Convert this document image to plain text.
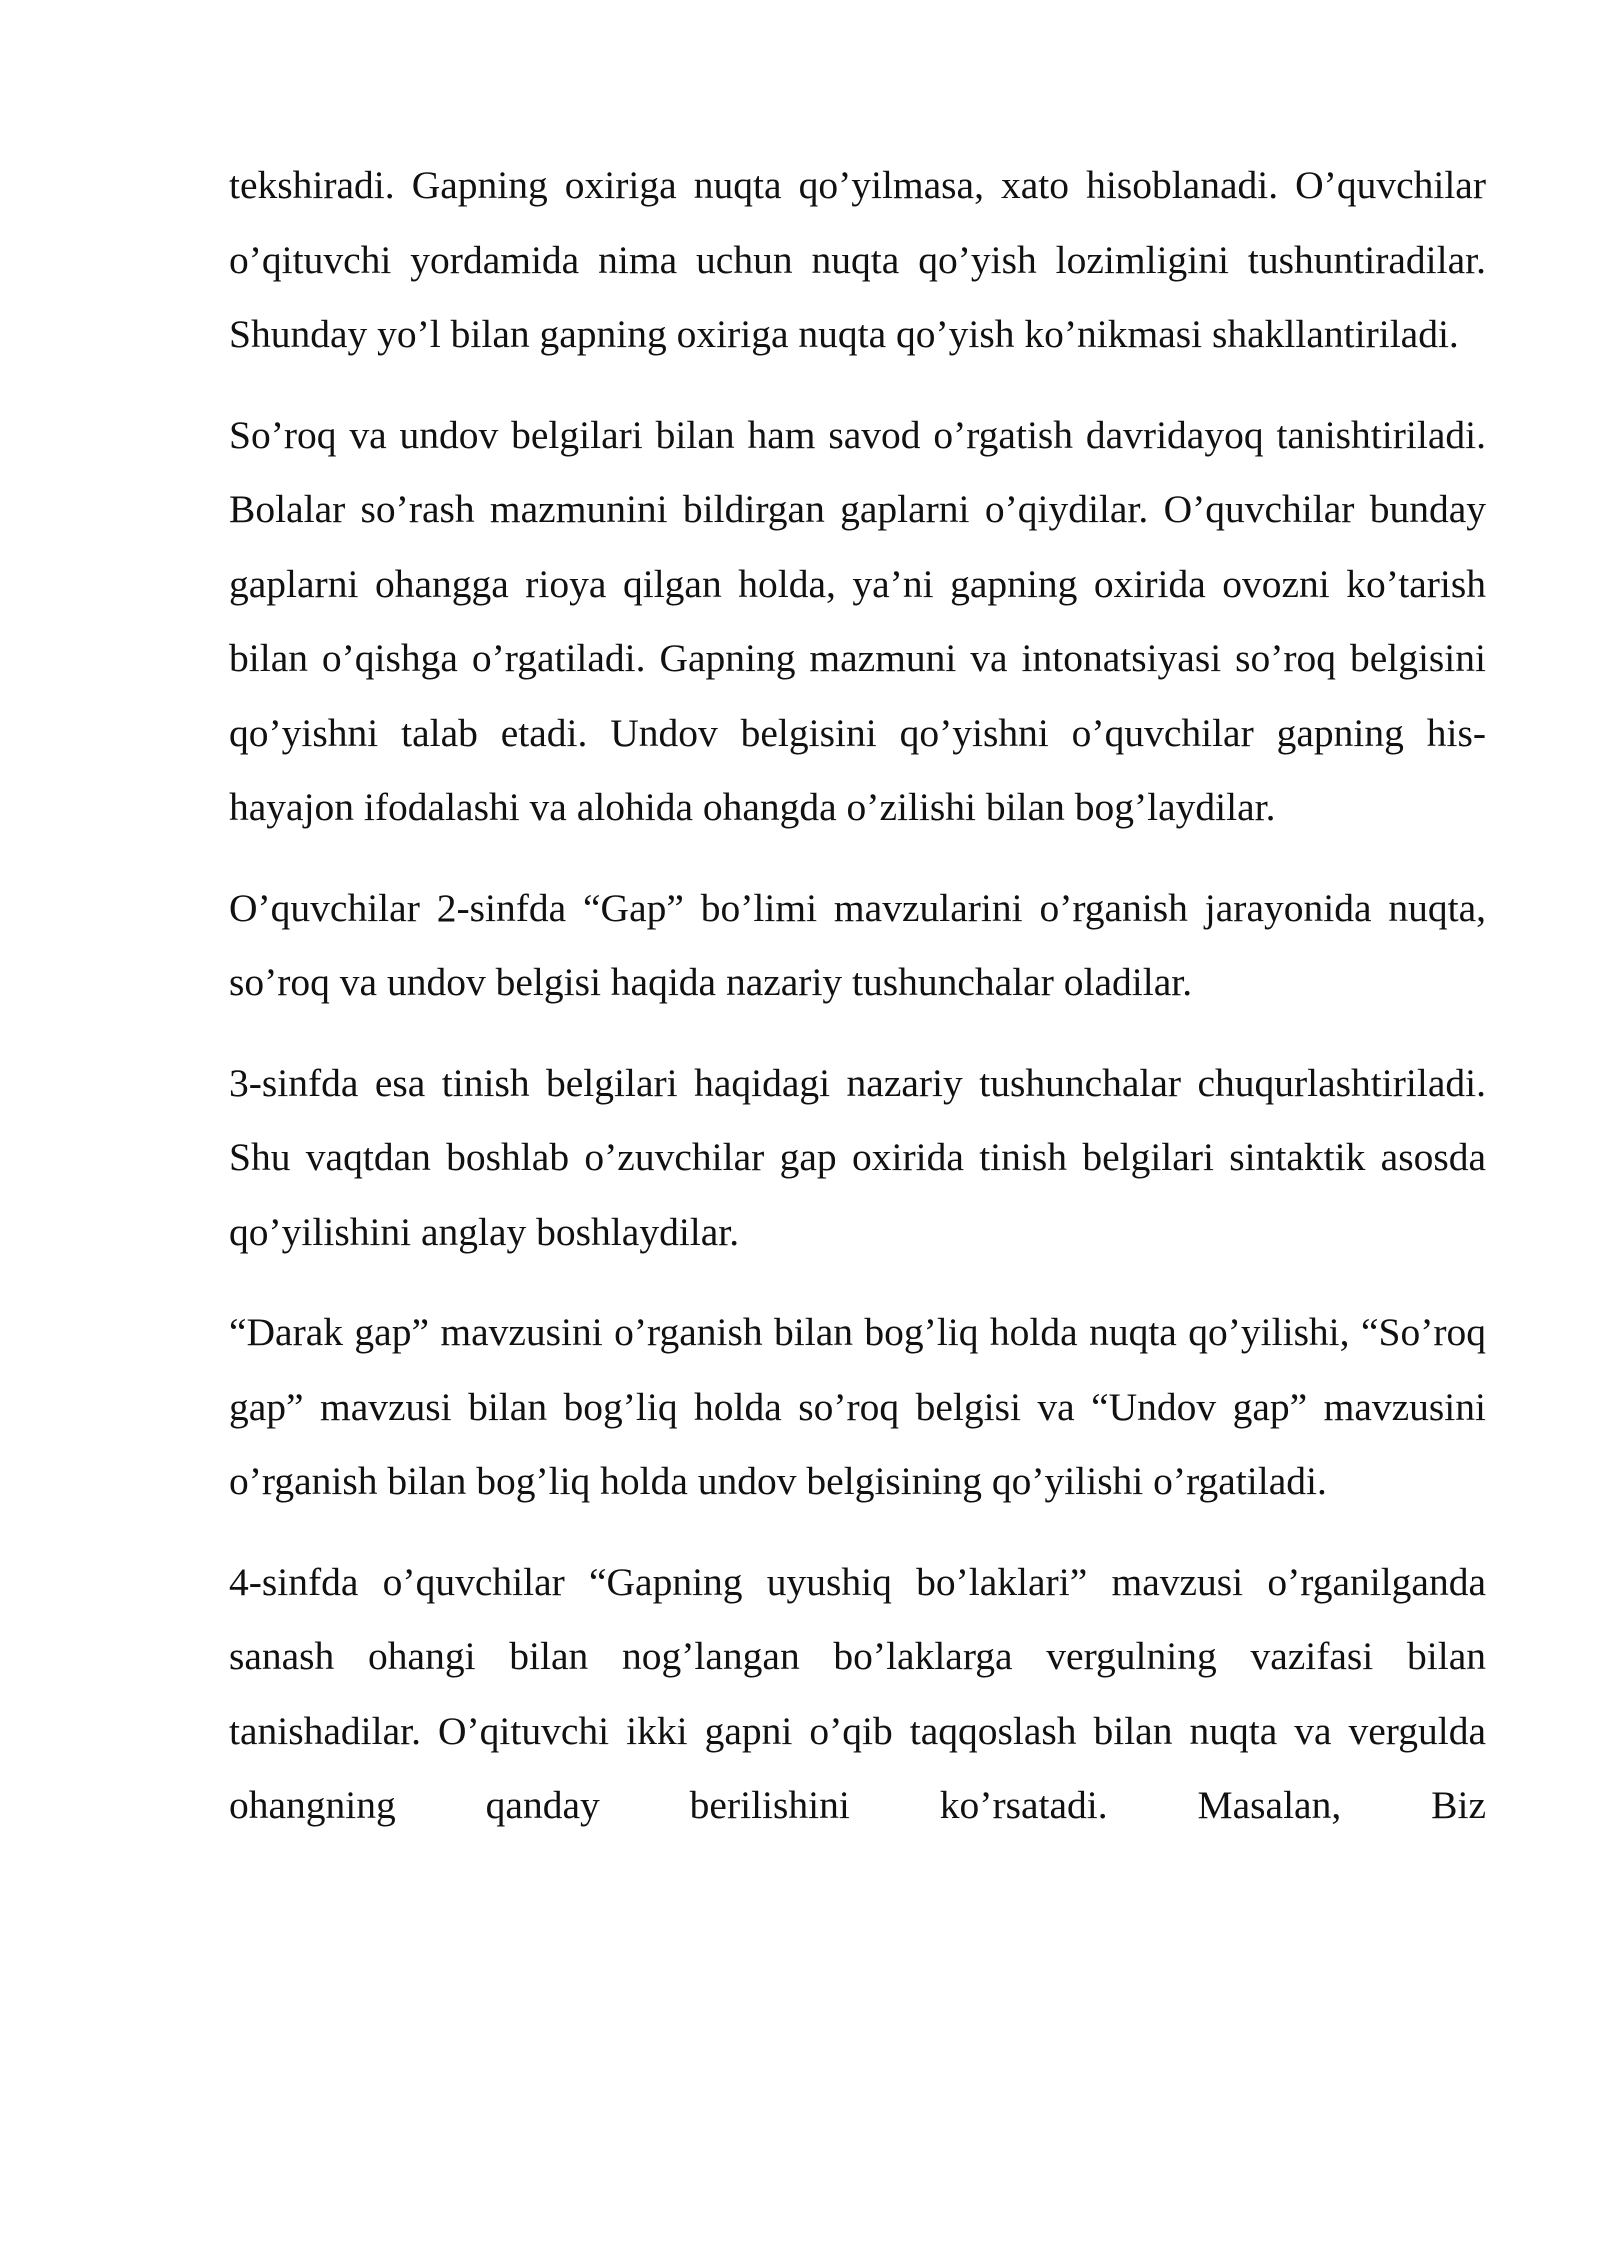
tekshiradi. Gapning oxiriga nuqta qo’yilmasa, xato hisoblanadi. O’quvchilar o’qituvchi yordamida nima uchun nuqta qo’yish lozimligini tushuntiradilar. Shunday yo’l bilan gapning oxiriga nuqta qo’yish ko’nikmasi shakllantiriladi.

So’roq va undov belgilari bilan ham savod o’rgatish davridayoq tanishtiriladi. Bolalar so’rash mazmunini bildirgan gaplarni o’qiydilar. O’quvchilar bunday gaplarni ohangga rioya qilgan holda, ya’ni gapning oxirida ovozni ko’tarish bilan o’qishga o’rgatiladi. Gapning mazmuni va intonatsiyasi so’roq belgisini qo’yishni talab etadi. Undov belgisini qo’yishni o’quvchilar gapning his-hayajon ifodalashi va alohida ohangda o’zilishi bilan bog’laydilar.

O’quvchilar 2-sinfda “Gap” bo’limi mavzularini o’rganish jarayonida nuqta, so’roq va undov belgisi haqida nazariy tushunchalar oladilar.

3-sinfda esa tinish belgilari haqidagi nazariy tushunchalar chuqurlashtiriladi. Shu vaqtdan boshlab o’zuvchilar gap oxirida tinish belgilari sintaktik asosda qo’yilishini anglay boshlaydilar.

“Darak gap” mavzusini o’rganish bilan bog’liq holda nuqta qo’yilishi, “So’roq gap” mavzusi bilan bog’liq holda so’roq belgisi va “Undov gap” mavzusini o’rganish bilan bog’liq holda undov belgisining qo’yilishi o’rgatiladi.

4-sinfda o’quvchilar “Gapning uyushiq bo’laklari” mavzusi o’rganilganda sanash ohangi bilan nog’langan bo’laklarga vergulning vazifasi bilan tanishadilar. O’qituvchi ikki gapni o’qib taqqoslash bilan nuqta va vergulda ohangning qanday berilishini ko’rsatadi. Masalan, Biz
